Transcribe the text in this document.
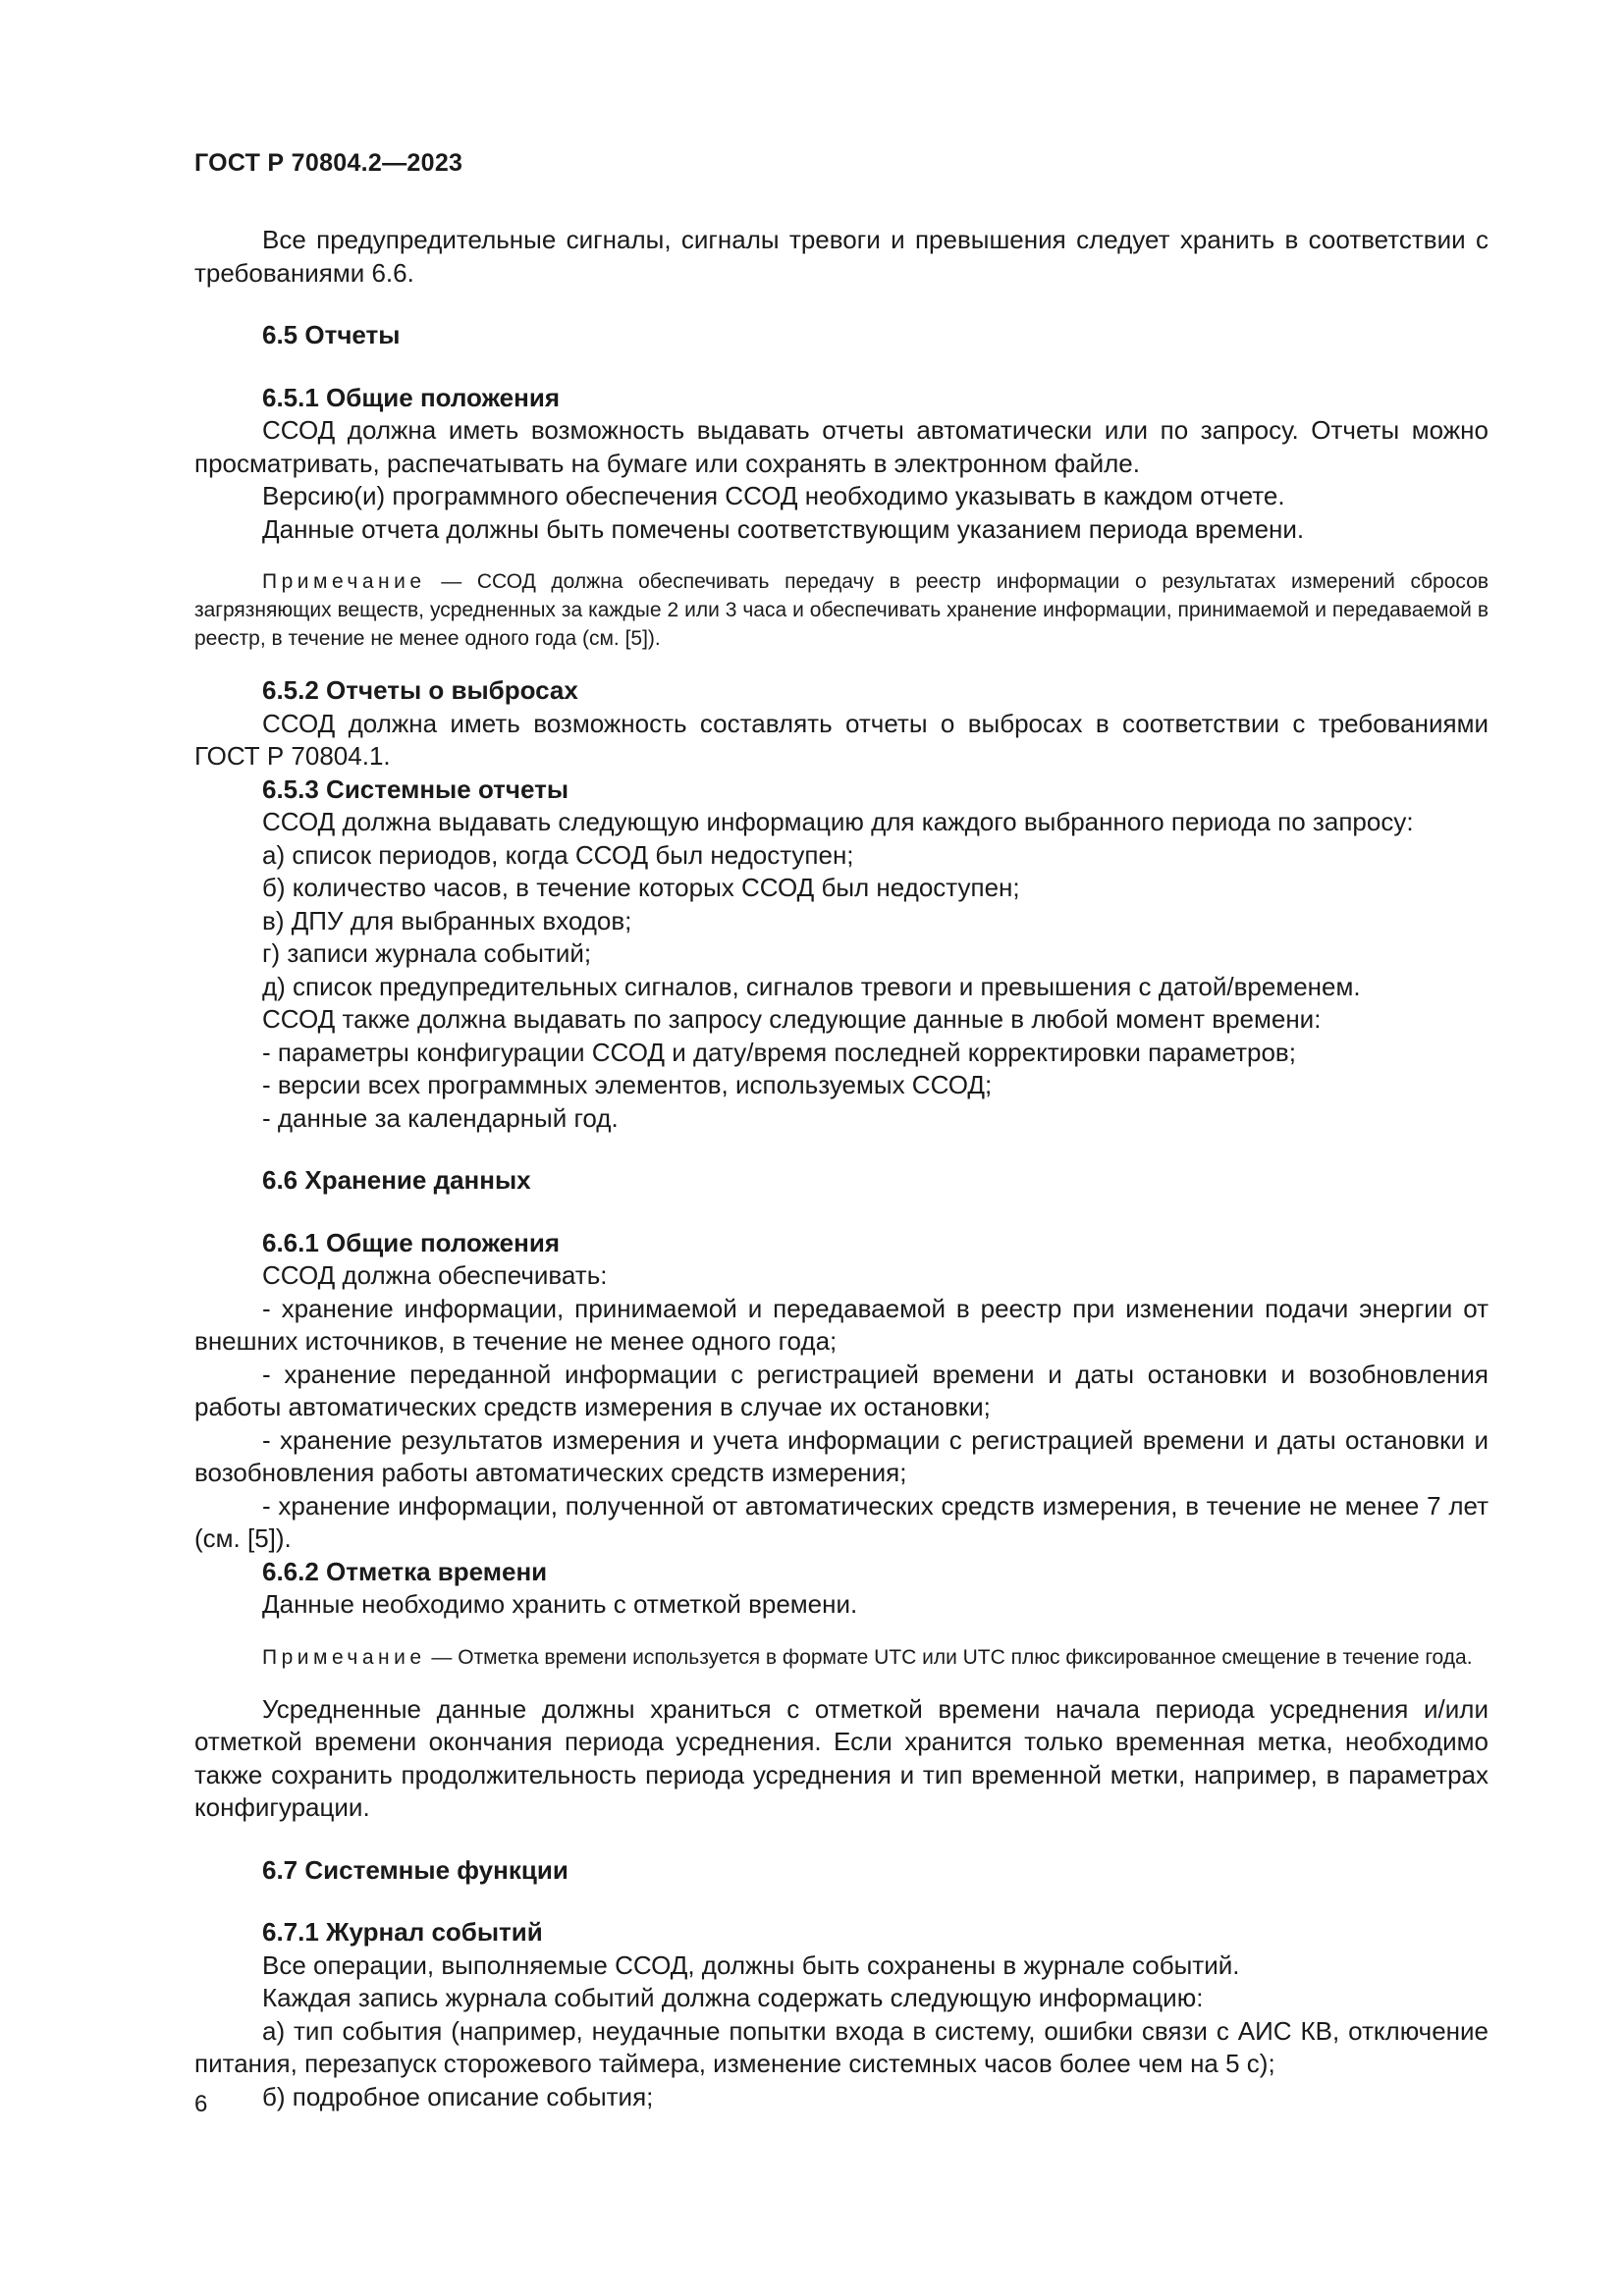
ГОСТ Р 70804.2—2023

Все предупредительные сигналы, сигналы тревоги и превышения следует хранить в соответствии с требованиями 6.6.

6.5 Отчеты

6.5.1 Общие положения

ССОД должна иметь возможность выдавать отчеты автоматически или по запросу. Отчеты можно просматривать, распечатывать на бумаге или сохранять в электронном файле.

Версию(и) программного обеспечения ССОД необходимо указывать в каждом отчете.

Данные отчета должны быть помечены соответствующим указанием периода времени.

Примечание — ССОД должна обеспечивать передачу в реестр информации о результатах измерений сбросов загрязняющих веществ, усредненных за каждые 2 или 3 часа и обеспечивать хранение информации, принимаемой и передаваемой в реестр, в течение не менее одного года (см. [5]).

6.5.2 Отчеты о выбросах

ССОД должна иметь возможность составлять отчеты о выбросах в соответствии с требованиями ГОСТ Р 70804.1.

6.5.3 Системные отчеты

ССОД должна выдавать следующую информацию для каждого выбранного периода по запросу:

а) список периодов, когда ССОД был недоступен;

б) количество часов, в течение которых ССОД был недоступен;

в) ДПУ для выбранных входов;

г) записи журнала событий;

д) список предупредительных сигналов, сигналов тревоги и превышения с датой/временем.

ССОД также должна выдавать по запросу следующие данные в любой момент времени:

- параметры конфигурации ССОД и дату/время последней корректировки параметров;

- версии всех программных элементов, используемых ССОД;

- данные за календарный год.

6.6 Хранение данных

6.6.1 Общие положения

ССОД должна обеспечивать:

- хранение информации, принимаемой и передаваемой в реестр при изменении подачи энергии от внешних источников, в течение не менее одного года;

- хранение переданной информации с регистрацией времени и даты остановки и возобновления работы автоматических средств измерения в случае их остановки;

- хранение результатов измерения и учета информации с регистрацией времени и даты остановки и возобновления работы автоматических средств измерения;

- хранение информации, полученной от автоматических средств измерения, в течение не менее 7 лет (см. [5]).

6.6.2 Отметка времени

Данные необходимо хранить с отметкой времени.

Примечание — Отметка времени используется в формате UTC или UTC плюс фиксированное смещение в течение года.

Усредненные данные должны храниться с отметкой времени начала периода усреднения и/или отметкой времени окончания периода усреднения. Если хранится только временная метка, необходимо также сохранить продолжительность периода усреднения и тип временной метки, например, в параметрах конфигурации.

6.7 Системные функции

6.7.1 Журнал событий

Все операции, выполняемые ССОД, должны быть сохранены в журнале событий.

Каждая запись журнала событий должна содержать следующую информацию:

а) тип события (например, неудачные попытки входа в систему, ошибки связи с АИС КВ, отключение питания, перезапуск сторожевого таймера, изменение системных часов более чем на 5 с);

б) подробное описание события;

6
